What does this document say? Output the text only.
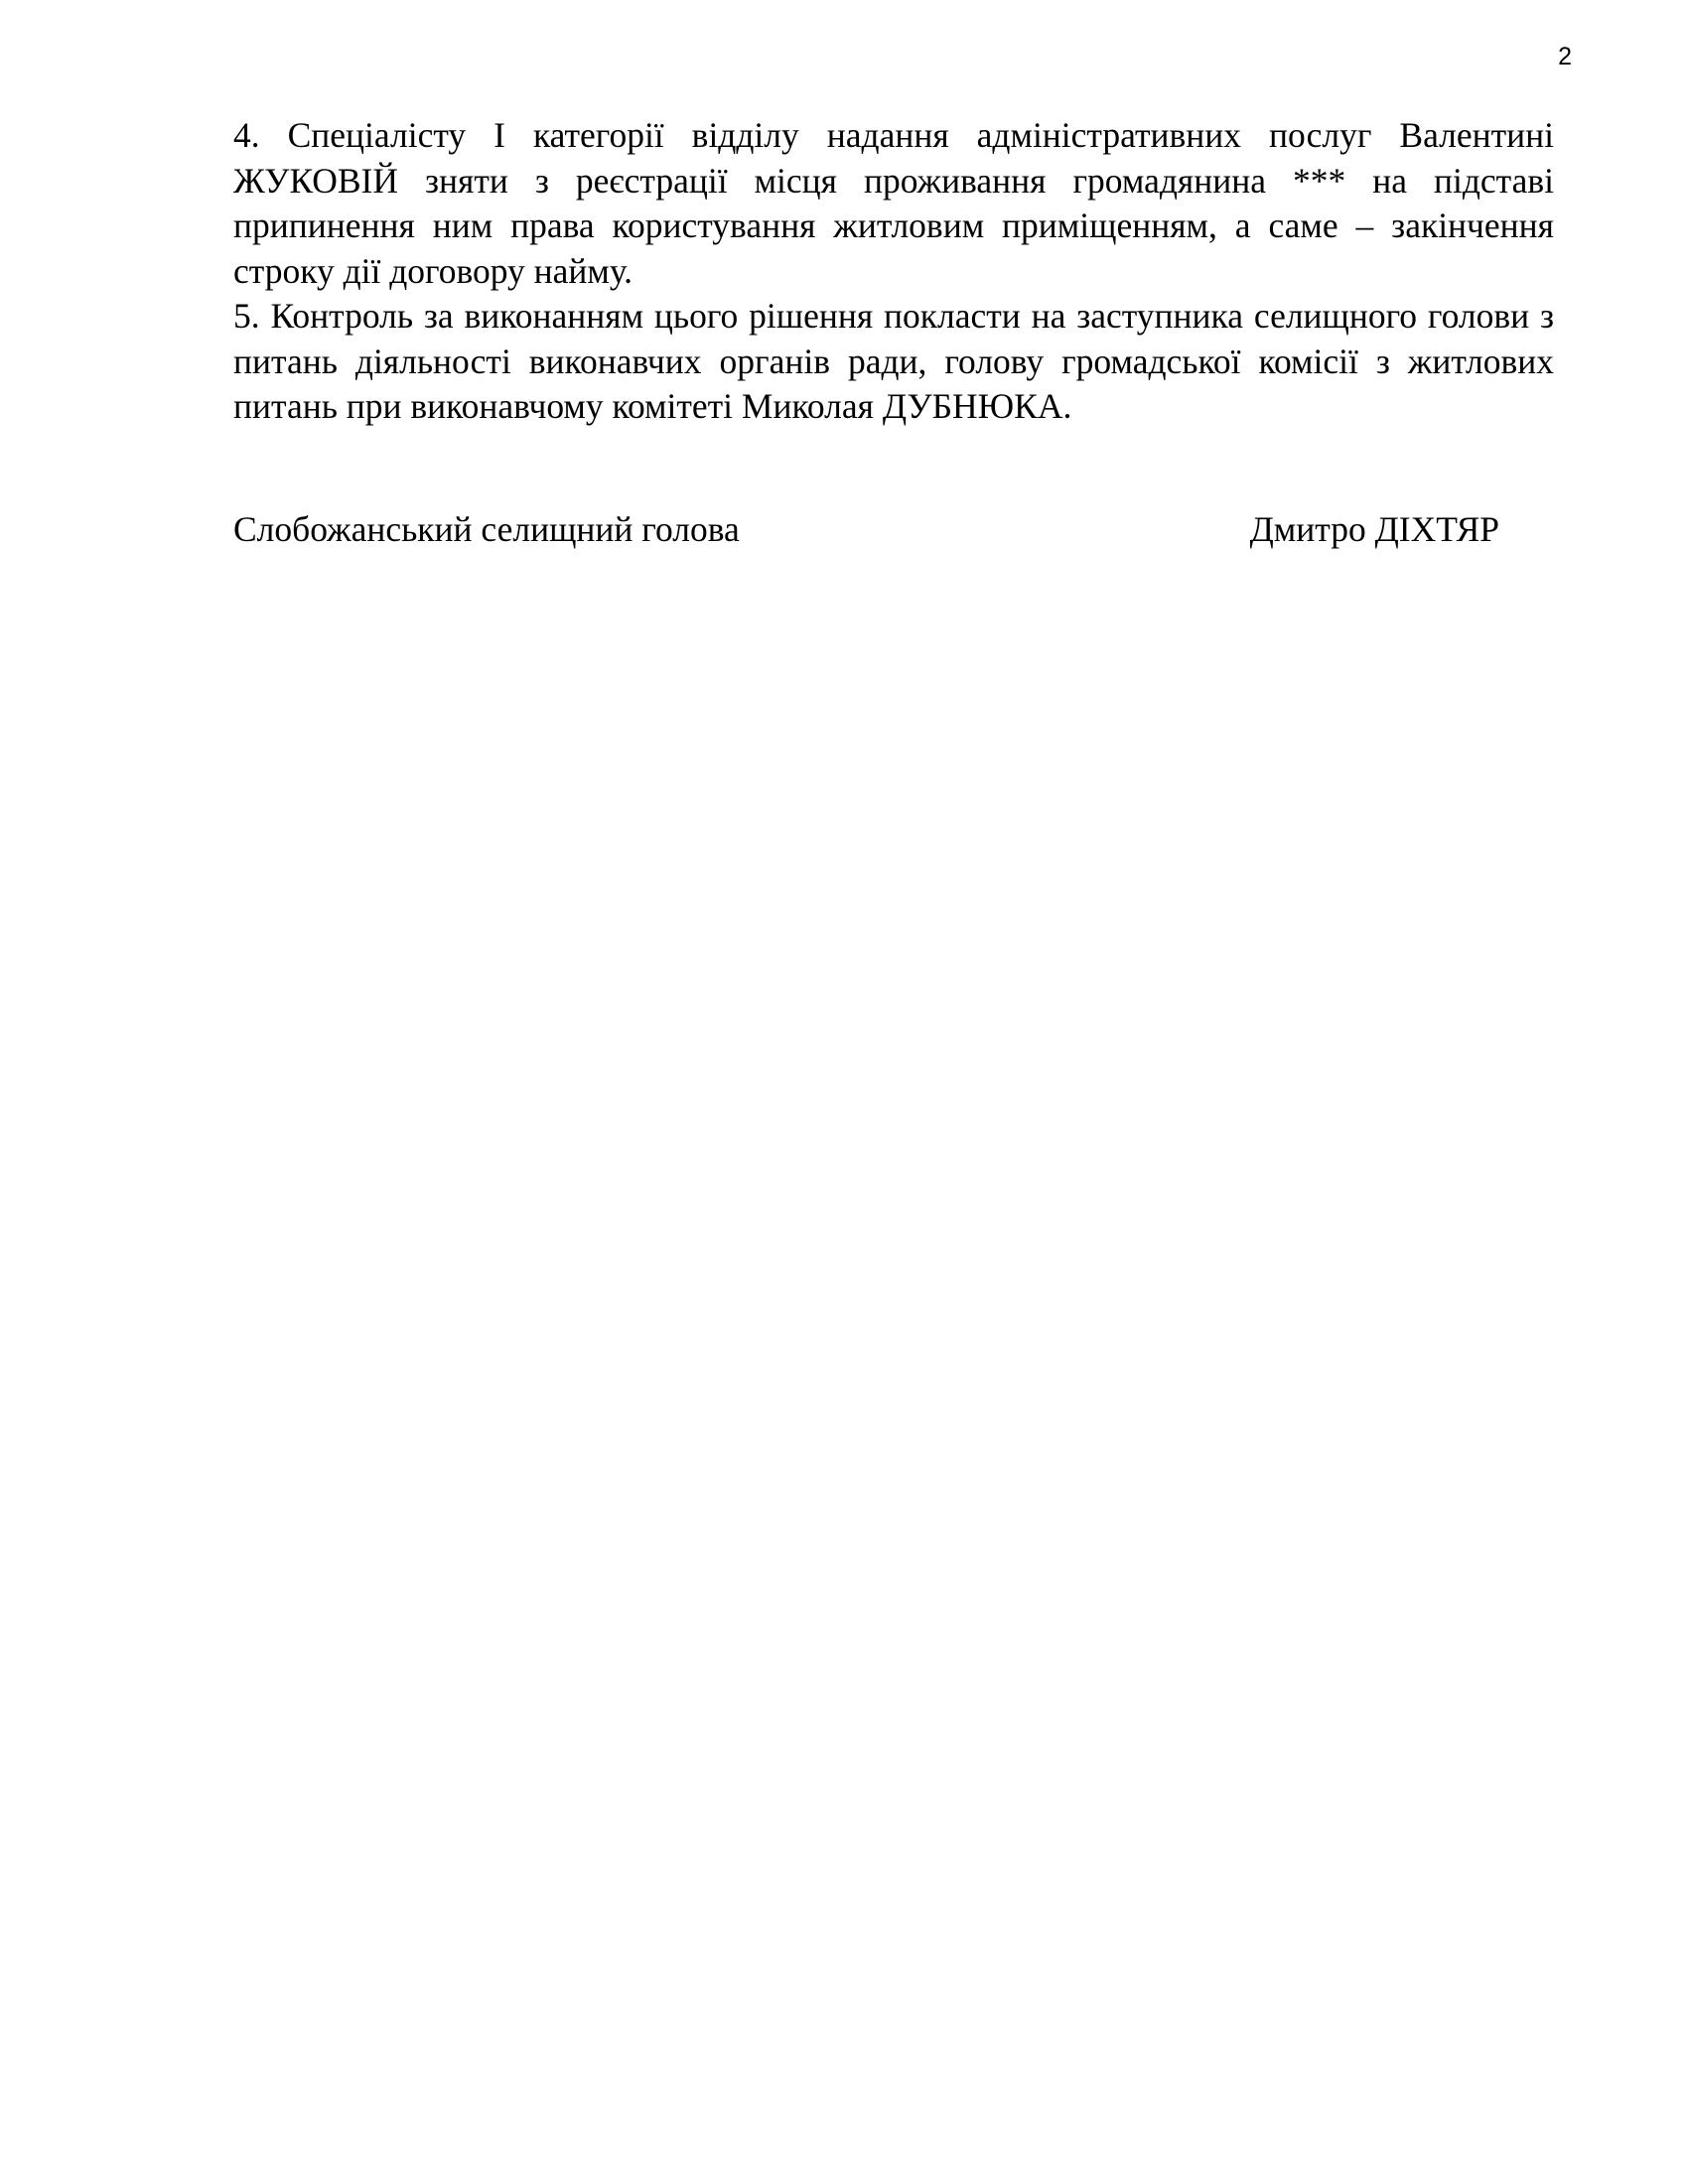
2

4. Спеціалісту І категорії відділу надання адміністративних послуг Валентині ЖУКОВІЙ зняти з реєстрації місця проживання громадянина *** на підставі припинення ним права користування житловим приміщенням, а саме – закінчення строку дії договору найму.

5. Контроль за виконанням цього рішення покласти на заступника селищного голови з питань діяльності виконавчих органів ради, голову громадської комісії з житлових питань при виконавчому комітеті Миколая ДУБНЮКА.

Слобожанський селищний голова	Дмитро ДІХТЯР
